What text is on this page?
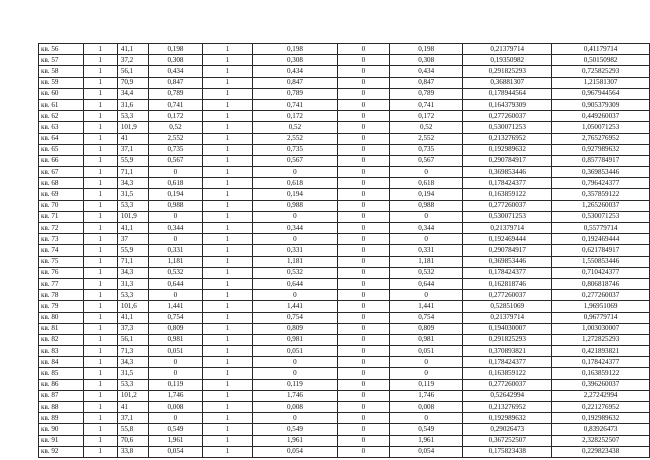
кв. 56	1	41,1	0,198	1	0,198	0	0,198	0,21379714	0,41179714
кв. 57	1	37,2	0,308	1	0,308	0	0,308	0,19350982	0,50150982
кв. 58	1	56,1	0,434	1	0,434	0	0,434	0,291825293	0,725825293
кв. 59	1	70,9	0,847	1	0,847	0	0,847	0,36881307	1,21581307
кв. 60	1	34,4	0,789	1	0,789	0	0,789	0,178944564	0,967944564
кв. 61	1	31,6	0,741	1	0,741	0	0,741	0,164379309	0,905379309
кв. 62	1	53,3	0,172	1	0,172	0	0,172	0,277260037	0,449260037
кв. 63	1	101,9	0,52	1	0,52	0	0,52	0,530071253	1,050071253
кв. 64	1	41	2,552	1	2,552	0	2,552	0,213276952	2,765276952
кв. 65	1	37,1	0,735	1	0,735	0	0,735	0,192989632	0,927989632
кв. 66	1	55,9	0,567	1	0,567	0	0,567	0,290784917	0,857784917
кв. 67	1	71,1	0	1	0	0	0	0,369853446	0,369853446
кв. 68	1	34,3	0,618	1	0,618	0	0,618	0,178424377	0,796424377
кв. 69	1	31,5	0,194	1	0,194	0	0,194	0,163859122	0,357859122
кв. 70	1	53,3	0,988	1	0,988	0	0,988	0,277260037	1,265260037
кв. 71	1	101,9	0	1	0	0	0	0,530071253	0,530071253
кв. 72	1	41,1	0,344	1	0,344	0	0,344	0,21379714	0,55779714
кв. 73	1	37	0	1	0	0	0	0,192469444	0,192469444
кв. 74	1	55,9	0,331	1	0,331	0	0,331	0,290784917	0,621784917
кв. 75	1	71,1	1,181	1	1,181	0	1,181	0,369853446	1,550853446
кв. 76	1	34,3	0,532	1	0,532	0	0,532	0,178424377	0,710424377
кв. 77	1	31,3	0,644	1	0,644	0	0,644	0,162818746	0,806818746
кв. 78	1	53,3	0	1	0	0	0	0,277260037	0,277260037
кв. 79	1	101,6	1,441	1	1,441	0	1,441	0,52851069	1,96951069
кв. 80	1	41,1	0,754	1	0,754	0	0,754	0,21379714	0,96779714
кв. 81	1	37,3	0,809	1	0,809	0	0,809	0,194030007	1,003030007
кв. 82	1	56,1	0,981	1	0,981	0	0,981	0,291825293	1,272825293
кв. 83	1	71,3	0,051	1	0,051	0	0,051	0,370893821	0,421893821
кв. 84	1	34,3	0	1	0	0	0	0,178424377	0,178424377
кв. 85	1	31,5	0	1	0	0	0	0,163859122	0,163859122
кв. 86	1	53,3	0,119	1	0,119	0	0,119	0,277260037	0,396260037
кв. 87	1	101,2	1,746	1	1,746	0	1,746	0,52642994	2,27242994
кв. 88	1	41	0,008	1	0,008	0	0,008	0,213276952	0,221276952
кв. 89	1	37,1	0	1	0	0	0	0,192989632	0,192989632
кв. 90	1	55,8	0,549	1	0,549	0	0,549	0,29026473	0,83926473
кв. 91	1	70,6	1,961	1	1,961	0	1,961	0,367252507	2,328252507
кв. 92	1	33,8	0,054	1	0,054	0	0,054	0,175823438	0,229823438
